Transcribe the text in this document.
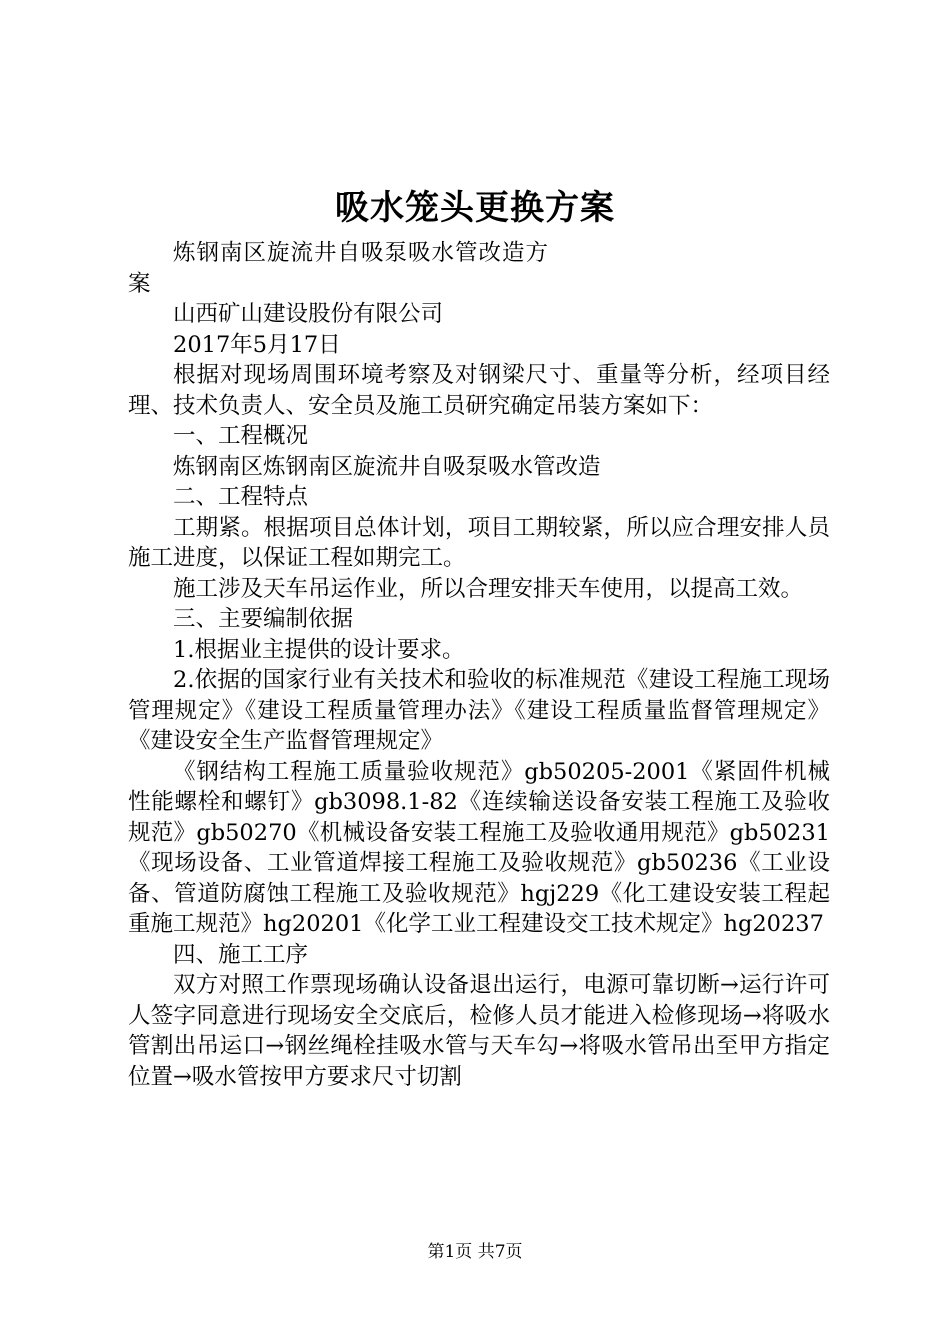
吸水笼头更换方案

炼钢南区旋流井自吸泵吸水管改造方案

山西矿山建设股份有限公司

2017年5月17日

根据对现场周围环境考察及对钢梁尺寸、重量等分析，经项目经理、技术负责人、安全员及施工员研究确定吊装方案如下：

一、工程概况

炼钢南区炼钢南区旋流井自吸泵吸水管改造

二、工程特点

工期紧。根据项目总体计划，项目工期较紧，所以应合理安排人员施工进度，以保证工程如期完工。

施工涉及天车吊运作业，所以合理安排天车使用，以提高工效。

三、主要编制依据

1.根据业主提供的设计要求。

2.依据的国家行业有关技术和验收的标准规范《建设工程施工现场管理规定》《建设工程质量管理办法》《建设工程质量监督管理规定》《建设安全生产监督管理规定》

《钢结构工程施工质量验收规范》gb50205-2001《紧固件机械性能螺栓和螺钉》gb3098.1-82《连续输送设备安装工程施工及验收规范》gb50270《机械设备安装工程施工及验收通用规范》gb50231《现场设备、工业管道焊接工程施工及验收规范》gb50236《工业设备、管道防腐蚀工程施工及验收规范》hgj229《化工建设安装工程起重施工规范》hg20201《化学工业工程建设交工技术规定》hg20237

四、施工工序

双方对照工作票现场确认设备退出运行，电源可靠切断→运行许可人签字同意进行现场安全交底后，检修人员才能进入检修现场→将吸水管割出吊运口→钢丝绳栓挂吸水管与天车勾→将吸水管吊出至甲方指定位置→吸水管按甲方要求尺寸切割

第1页 共7页
